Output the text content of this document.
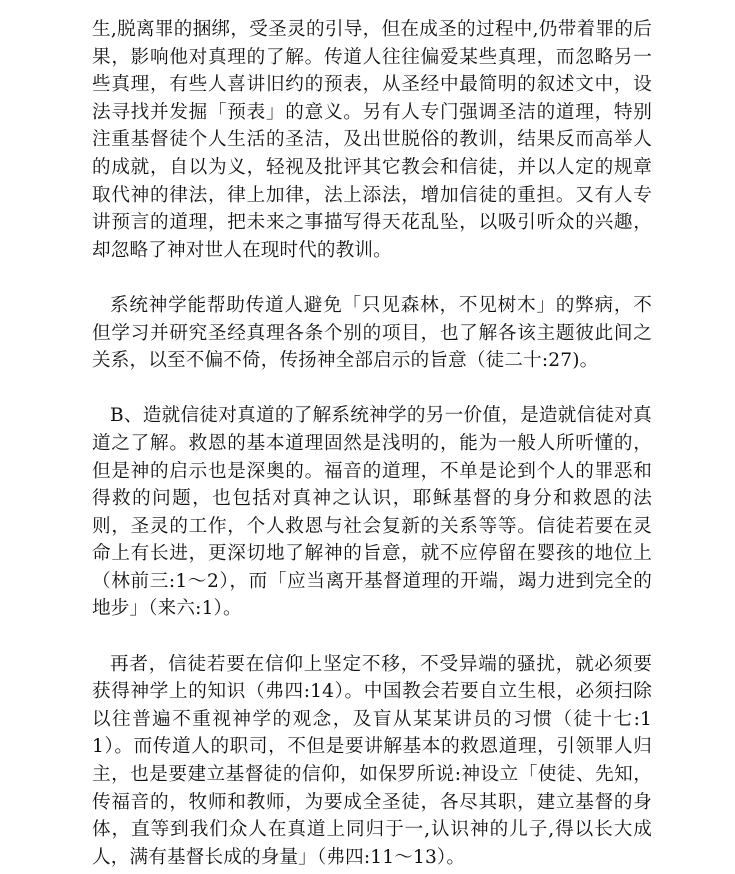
生,脱离罪的捆绑，受圣灵的引导，但在成圣的过程中,仍带着罪的后果，影响他对真理的了解。传道人往往偏爱某些真理，而忽略另一些真理，有些人喜讲旧约的预表，从圣经中最简明的叙述文中，设法寻找并发掘「预表」的意义。另有人专门强调圣洁的道理，特别注重基督徒个人生活的圣洁，及出世脱俗的教训，结果反而高举人的成就，自以为义，轻视及批评其它教会和信徒，并以人定的规章取代神的律法，律上加律，法上添法，增加信徒的重担。又有人专讲预言的道理，把未来之事描写得天花乱坠，以吸引听众的兴趣，却忽略了神对世人在现时代的教训。

系统神学能帮助传道人避免「只见森林，不见树木」的弊病，不但学习并研究圣经真理各条个别的项目，也了解各该主题彼此间之关系，以至不偏不倚，传扬神全部启示的旨意（徒二十:27)。

B、造就信徒对真道的了解系统神学的另一价值，是造就信徒对真道之了解。救恩的基本道理固然是浅明的，能为一般人所听懂的，但是神的启示也是深奥的。福音的道理，不单是论到个人的罪恶和得救的问题，也包括对真神之认识，耶稣基督的身分和救恩的法则，圣灵的工作，个人救恩与社会复新的关系等等。信徒若要在灵命上有长进，更深切地了解神的旨意，就不应停留在婴孩的地位上（林前三:1～2），而「应当离开基督道理的开端，竭力进到完全的地步」（来六:1）。

再者，信徒若要在信仰上坚定不移，不受异端的骚扰，就必须要获得神学上的知识（弗四:14）。中国教会若要自立生根，必须扫除以往普遍不重视神学的观念，及盲从某某讲员的习惯（徒十七:11）。而传道人的职司，不但是要讲解基本的救恩道理，引领罪人归主，也是要建立基督徒的信仰，如保罗所说:神设立「使徒、先知，传福音的，牧师和教师，为要成全圣徒，各尽其职，建立基督的身体，直等到我们众人在真道上同归于一,认识神的儿子,得以长大成人，满有基督长成的身量」（弗四:11～13）。
